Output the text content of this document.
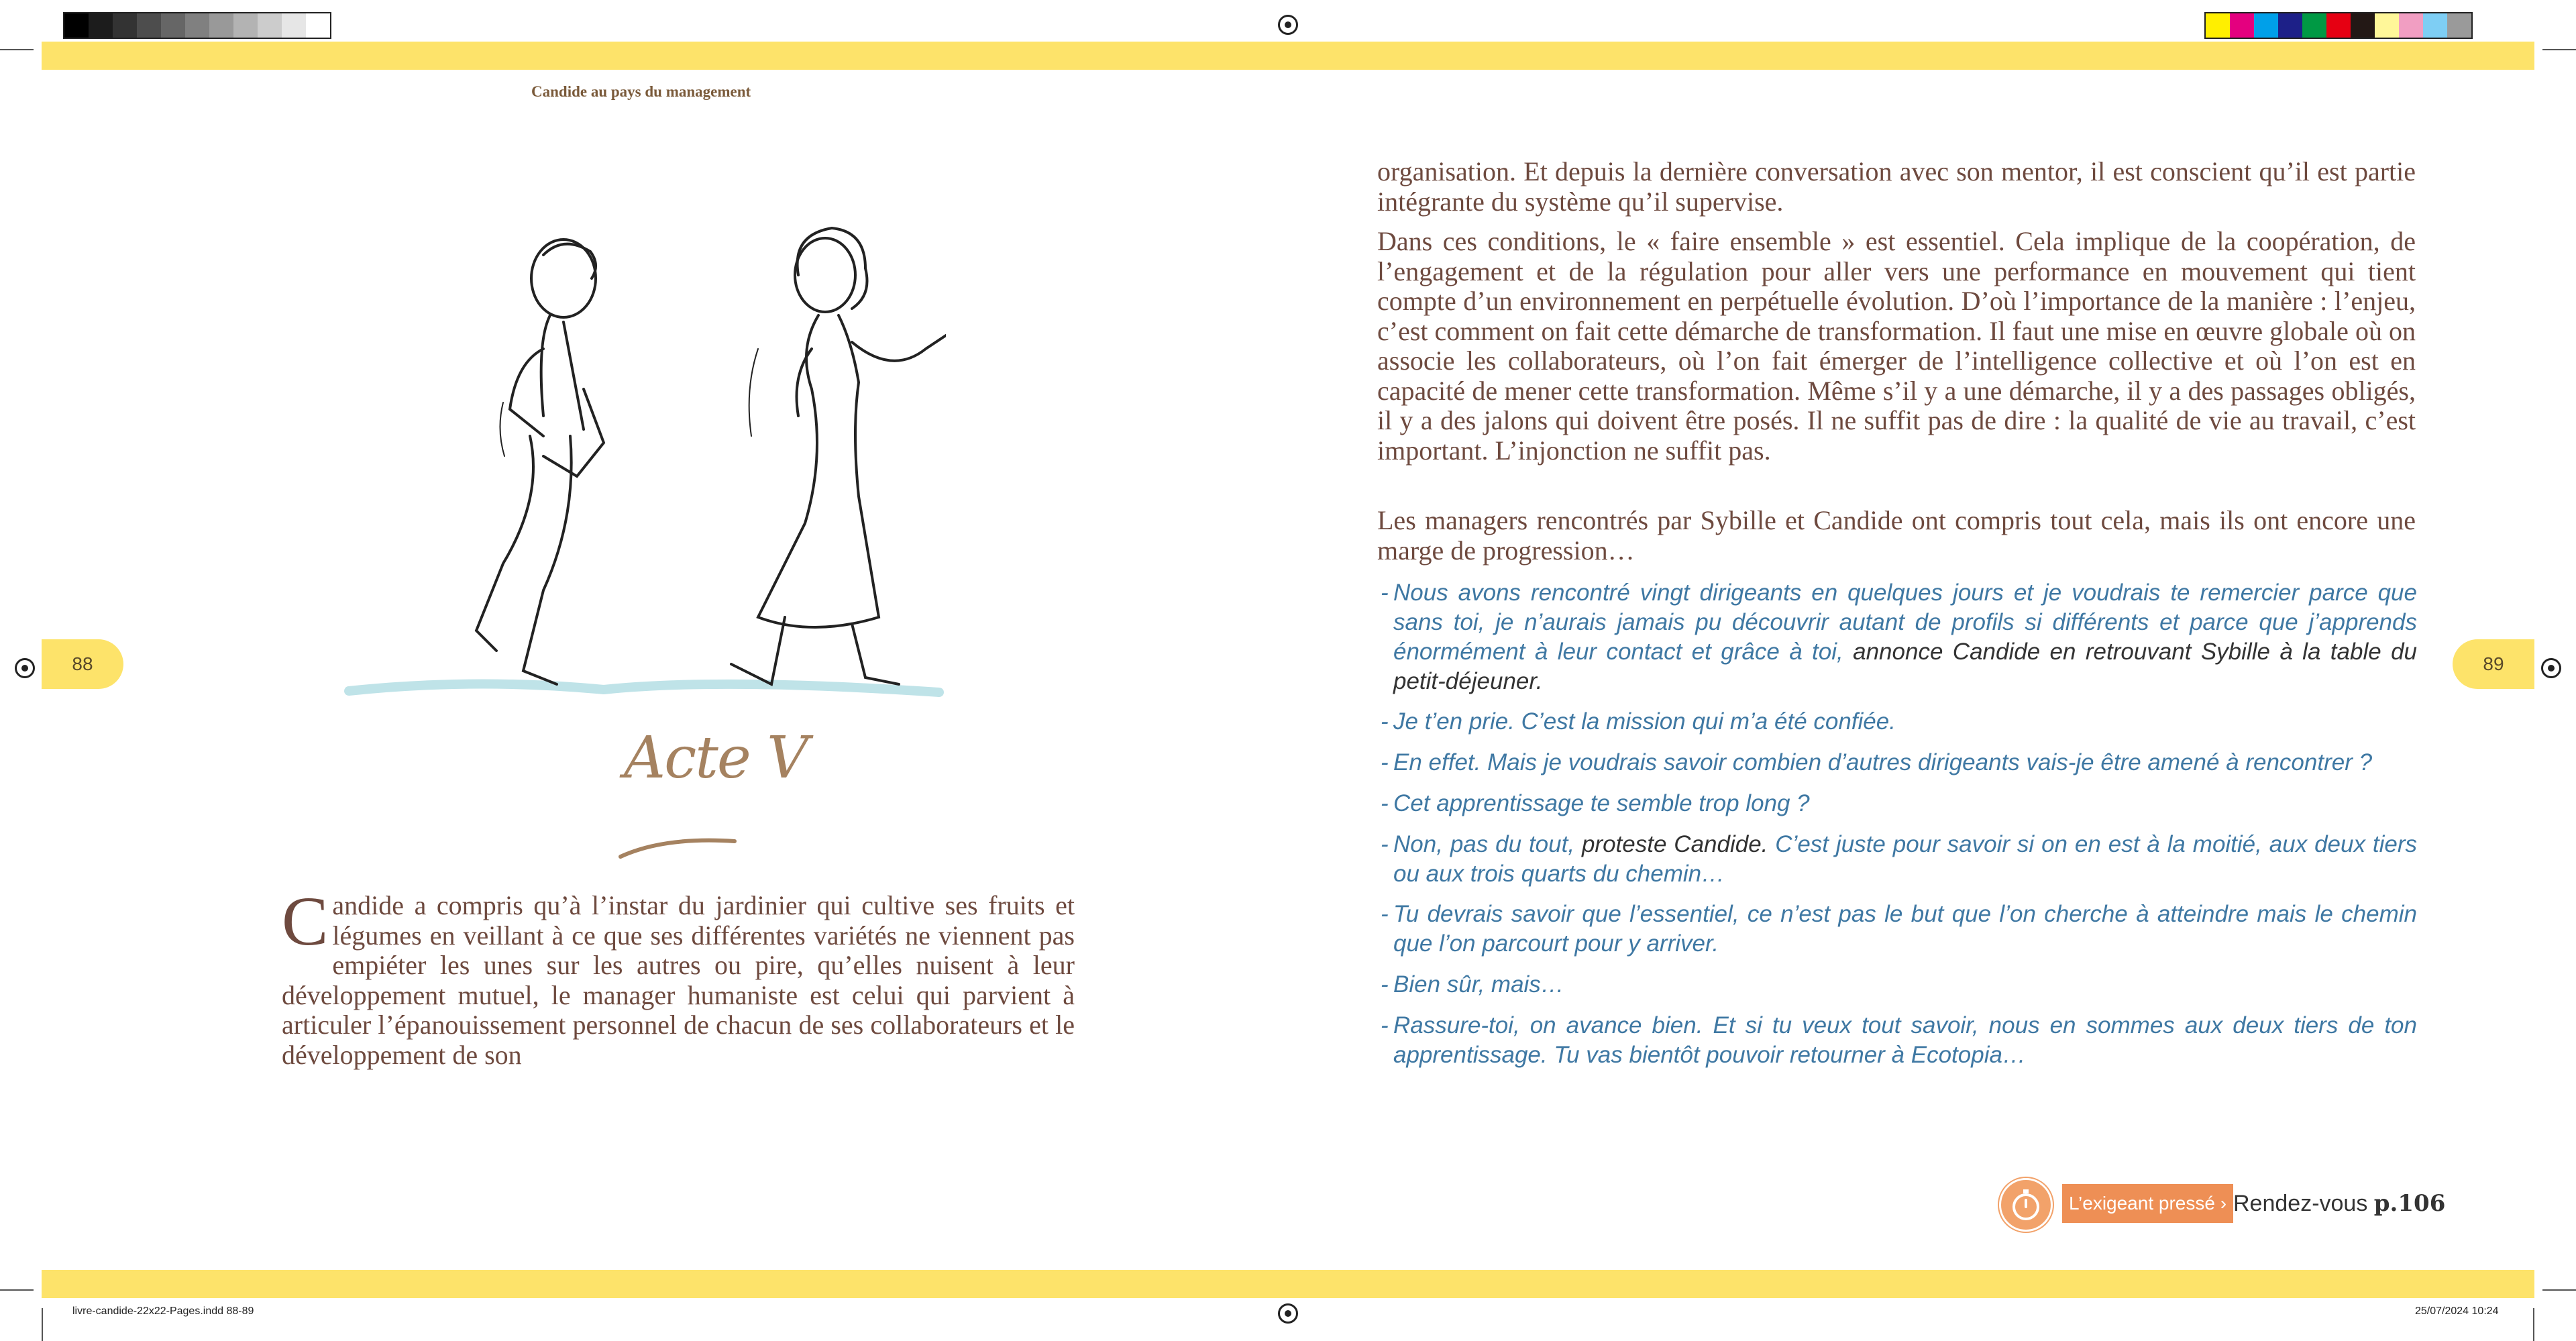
Candide au pays du management
88	89
Acte V
Candide a compris qu’à l’instar du jardinier qui cultive ses fruits et légumes en veillant à ce que ses différentes variétés ne viennent pas empiéter les unes sur les autres ou pire, qu’elles nuisent à leur développement mutuel, le manager humaniste est celui qui parvient à articuler l’épanouissement personnel de chacun de ses collaborateurs et le développement de son
organisation. Et depuis la dernière conversation avec son mentor, il est conscient qu’il est partie intégrante du système qu’il supervise.
Dans ces conditions, le « faire ensemble » est essentiel. Cela implique de la coopération, de l’engagement et de la régulation pour aller vers une performance en mouvement qui tient compte d’un environnement en perpétuelle évolution. D’où l’importance de la manière : l’enjeu, c’est comment on fait cette démarche de transformation. Il faut une mise en œuvre globale où on associe les collaborateurs, où l’on fait émerger de l’intelligence collective et où l’on est en capacité de mener cette transformation. Même s’il y a une démarche, il y a des passages obligés, il y a des jalons qui doivent être posés. Il ne suffit pas de dire : la qualité de vie au travail, c’est important. L’injonction ne suffit pas.
Les managers rencontrés par Sybille et Candide ont compris tout cela, mais ils ont encore une marge de progression…
- Nous avons rencontré vingt dirigeants en quelques jours et je voudrais te remercier parce que sans toi, je n’aurais jamais pu découvrir autant de profils si différents et parce que j’apprends énormément à leur contact et grâce à toi, annonce Candide en retrouvant Sybille à la table du petit-déjeuner.
- Je t’en prie. C’est la mission qui m’a été confiée.
- En effet. Mais je voudrais savoir combien d’autres dirigeants vais-je être amené à rencontrer ?
- Cet apprentissage te semble trop long ?
- Non, pas du tout, proteste Candide. C’est juste pour savoir si on en est à la moitié, aux deux tiers ou aux trois quarts du chemin…
- Tu devrais savoir que l’essentiel, ce n’est pas le but que l’on cherche à atteindre mais le chemin que l’on parcourt pour y arriver.
- Bien sûr, mais…
- Rassure-toi, on avance bien. Et si tu veux tout savoir, nous en sommes aux deux tiers de ton apprentissage. Tu vas bientôt pouvoir retourner à Ecotopia…
L’exigeant pressé › Rendez-vous p.106
livre-candide-22x22-Pages.indd 88-89	25/07/2024 10:24
